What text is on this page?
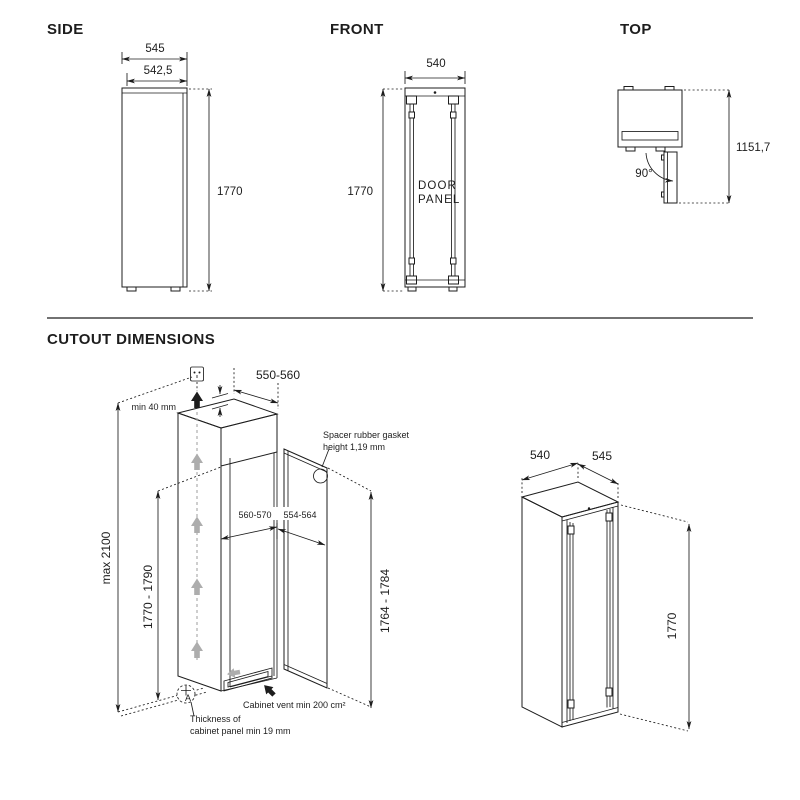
SIDE
545
542,5
1770
FRONT
DOOR
PANEL
540
1770
TOP
90°
1151,7
CUTOUT DIMENSIONS
min 40 mm
Spacer rubber gasket
height 1,19 mm
550-560
560-570 554-564
max 2100
1770 - 1790	1764 - 1784
Cabinet vent min 200 cm²
A
Thickness of
cabinet panel min 19 mm
540	545
1770
